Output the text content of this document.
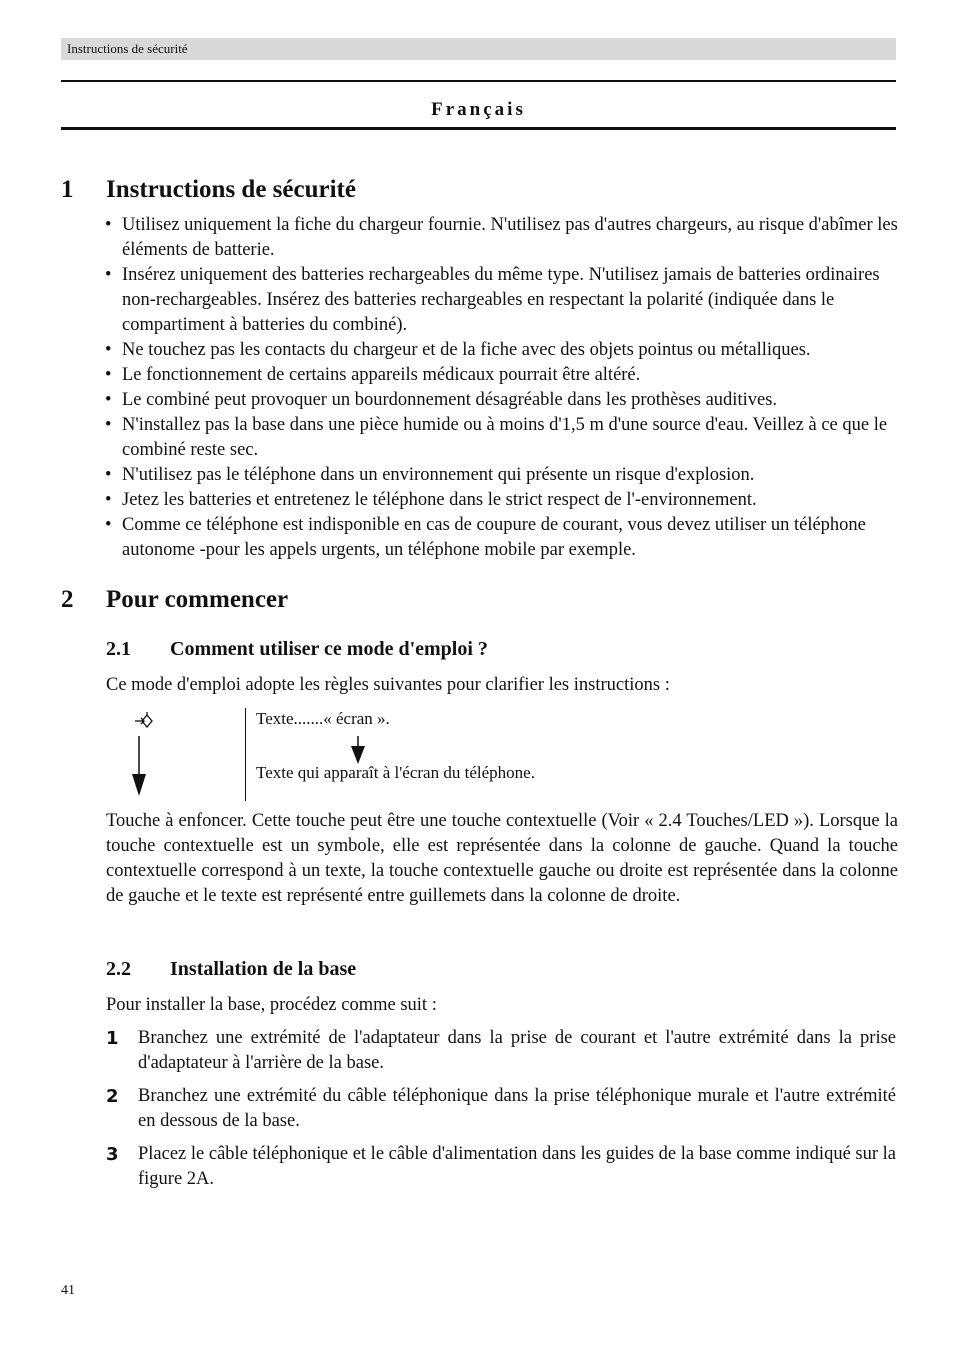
Instructions de sécurité
Français
1 Instructions de sécurité
• Utilisez uniquement la fiche du chargeur fournie. N'utilisez pas d'autres chargeurs, au risque d'abîmer les éléments de batterie.
• Insérez uniquement des batteries rechargeables du même type. N'utilisez jamais de batteries ordinaires non-rechargeables. Insérez des batteries rechargeables en respectant la polarité (indiquée dans le compartiment à batteries du combiné).
• Ne touchez pas les contacts du chargeur et de la fiche avec des objets pointus ou métalliques.
• Le fonctionnement de certains appareils médicaux pourrait être altéré.
• Le combiné peut provoquer un bourdonnement désagréable dans les prothèses auditives.
• N'installez pas la base dans une pièce humide ou à moins d'1,5 m d'une source d'eau. Veillez à ce que le combiné reste sec.
• N'utilisez pas le téléphone dans un environnement qui présente un risque d'explosion.
• Jetez les batteries et entretenez le téléphone dans le strict respect de l'-environnement.
• Comme ce téléphone est indisponible en cas de coupure de courant, vous devez utiliser un téléphone autonome -pour les appels urgents, un téléphone mobile par exemple.
2 Pour commencer
2.1 Comment utiliser ce mode d'emploi ?
Ce mode d'emploi adopte les règles suivantes pour clarifier les instructions :
Texte.......« écran ».
Texte qui apparaît à l'écran du téléphone.
Touche à enfoncer. Cette touche peut être une touche contextuelle (Voir « 2.4 Touches/LED »). Lorsque la touche contextuelle est un symbole, elle est représentée dans la colonne de gauche. Quand la touche contextuelle correspond à un texte, la touche contextuelle gauche ou droite est représentée dans la colonne de gauche et le texte est représenté entre guillemets dans la colonne de droite.
2.2 Installation de la base
Pour installer la base, procédez comme suit :
1 Branchez une extrémité de l'adaptateur dans la prise de courant et l'autre extrémité dans la prise d'adaptateur à l'arrière de la base.
2 Branchez une extrémité du câble téléphonique dans la prise téléphonique murale et l'autre extrémité en dessous de la base.
3 Placez le câble téléphonique et le câble d'alimentation dans les guides de la base comme indiqué sur la figure 2A.
41
